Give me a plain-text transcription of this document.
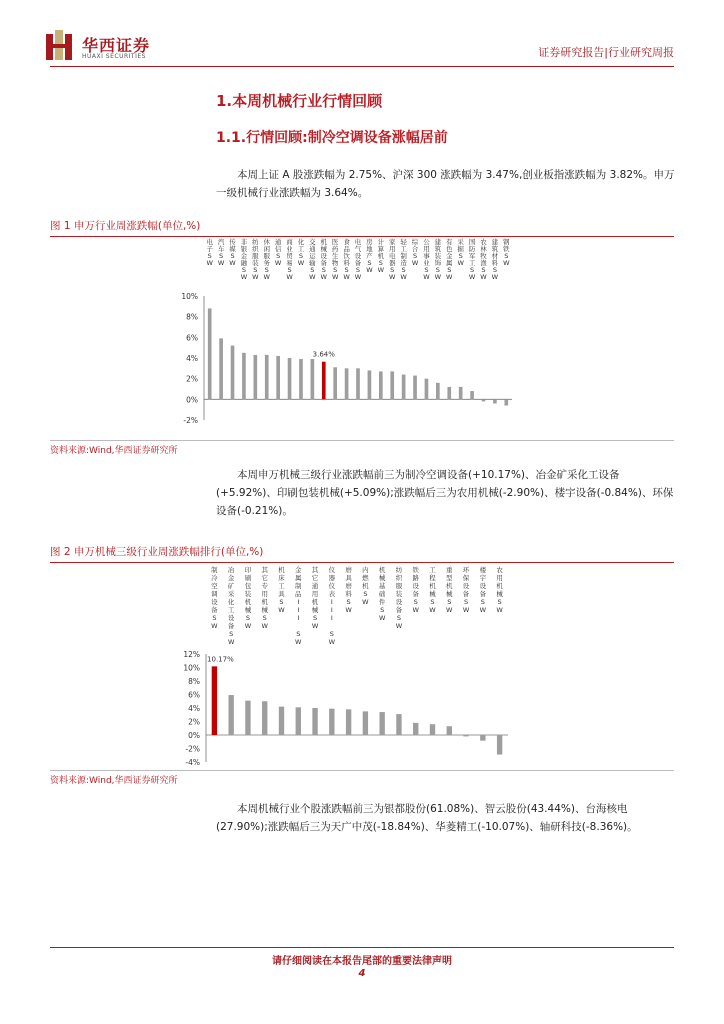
华西证券
HUAXI SECURITIES	证券研究报告|行业研究周报
1.本周机械行业行情回顾
1.1.行情回顾:制冷空调设备涨幅居前
本周上证 A 股涨跌幅为 2.75%、沪深 300 涨跌幅为 3.47%,创业板指涨跌幅为 3.82%。申万一级机械行业涨跌幅为 3.64%。
图 1 申万行业周涨跌幅(单位,%)
10%
8%
6%
4%
2%
0%
-2%
电子 S W
汽车 S W
传媒 S W
非银金融 S W
纺织服装 S W
休闲服务 S W
通信 S W
商业贸易 S W
化工 S W
交通运输 S W
机械设备 S W
医药生物 S W
食品饮料 S W
电气设备 S W
房地产 S W
计算机 S W
家用电器 S W
轻工制造 S W
综合 S W
公用事业 S W
建筑装饰 S W
有色金属 S W
采掘 S W
国防军工 S W
农林牧渔 S W
建筑材料 S W
钢铁 S W
3.64%
资料来源:Wind,华西证券研究所
本周申万机械三级行业涨跌幅前三为制冷空调设备(+10.17%)、冶金矿采化工设备(+5.92%)、印刷包装机械(+5.09%);涨跌幅后三为农用机械(-2.90%)、楼宇设备(-0.84%)、环保设备(-0.21%)。
图 2 申万机械三级行业周涨跌幅排行(单位,%)
12%
10%
8%
6%
4%
2%
0%
-2%
-4%
制冷空调设备 S W
冶金矿采化工设备 S W
印刷包装机械 S W
其它专用机械 S W
机床工具 S W
金属制品 I I I S W
其它通用机械 S W
仪器仪表 I I I S W
磨具磨料 S W
内燃机 S W
机械基础件 S W
纺织服装设备 S W
铁路设备 S W
工程机械 S W
重型机械 S W
环保设备 S W
楼宇设备 S W
农用机械 S W
10.17%
资料来源:Wind,华西证券研究所
本周机械行业个股涨跌幅前三为银都股份(61.08%)、智云股份(43.44%)、台海核电(27.90%);涨跌幅后三为天广中茂(-18.84%)、华菱精工(-10.07%)、轴研科技(-8.36%)。
请仔细阅读在本报告尾部的重要法律声明
4
